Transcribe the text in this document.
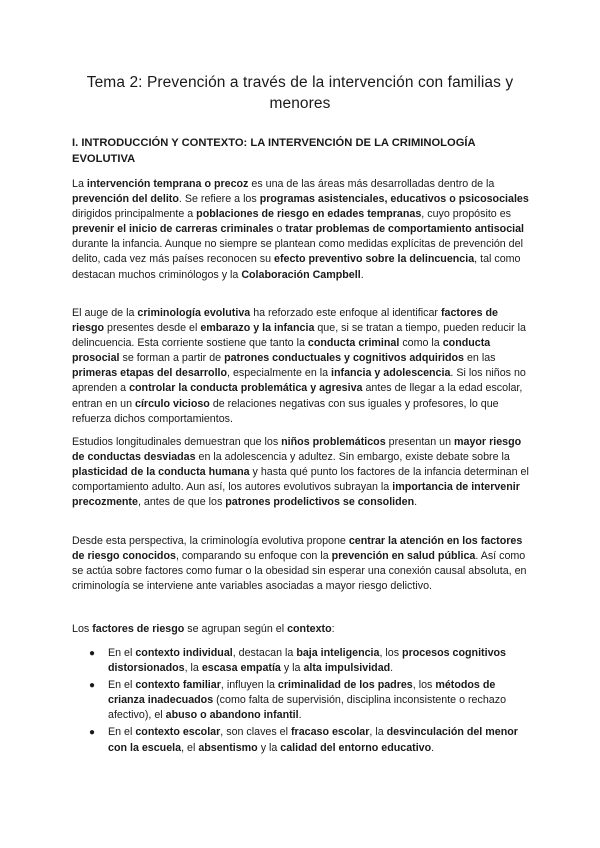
Tema 2: Prevención a través de la intervención con familias y menores
I. INTRODUCCIÓN Y CONTEXTO: LA INTERVENCIÓN DE LA CRIMINOLOGÍA EVOLUTIVA

La intervención temprana o precoz es una de las áreas más desarrolladas dentro de la prevención del delito. Se refiere a los programas asistenciales, educativos o psicosociales dirigidos principalmente a poblaciones de riesgo en edades tempranas, cuyo propósito es prevenir el inicio de carreras criminales o tratar problemas de comportamiento antisocial durante la infancia. Aunque no siempre se plantean como medidas explícitas de prevención del delito, cada vez más países reconocen su efecto preventivo sobre la delincuencia, tal como destacan muchos criminólogos y la Colaboración Campbell.

El auge de la criminología evolutiva ha reforzado este enfoque al identificar factores de riesgo presentes desde el embarazo y la infancia que, si se tratan a tiempo, pueden reducir la delincuencia. Esta corriente sostiene que tanto la conducta criminal como la conducta prosocial se forman a partir de patrones conductuales y cognitivos adquiridos en las primeras etapas del desarrollo, especialmente en la infancia y adolescencia. Si los niños no aprenden a controlar la conducta problemática y agresiva antes de llegar a la edad escolar, entran en un círculo vicioso de relaciones negativas con sus iguales y profesores, lo que refuerza dichos comportamientos.

Estudios longitudinales demuestran que los niños problemáticos presentan un mayor riesgo de conductas desviadas en la adolescencia y adultez. Sin embargo, existe debate sobre la plasticidad de la conducta humana y hasta qué punto los factores de la infancia determinan el comportamiento adulto. Aun así, los autores evolutivos subrayan la importancia de intervenir precozmente, antes de que los patrones prodelictivos se consoliden.

Desde esta perspectiva, la criminología evolutiva propone centrar la atención en los factores de riesgo conocidos, comparando su enfoque con la prevención en salud pública. Así como se actúa sobre factores como fumar o la obesidad sin esperar una conexión causal absoluta, en criminología se interviene ante variables asociadas a mayor riesgo delictivo.

Los factores de riesgo se agrupan según el contexto:

● En el contexto individual, destacan la baja inteligencia, los procesos cognitivos distorsionados, la escasa empatía y la alta impulsividad.
● En el contexto familiar, influyen la criminalidad de los padres, los métodos de crianza inadecuados (como falta de supervisión, disciplina inconsistente o rechazo afectivo), el abuso o abandono infantil.
● En el contexto escolar, son claves el fracaso escolar, la desvinculación del menor con la escuela, el absentismo y la calidad del entorno educativo.
